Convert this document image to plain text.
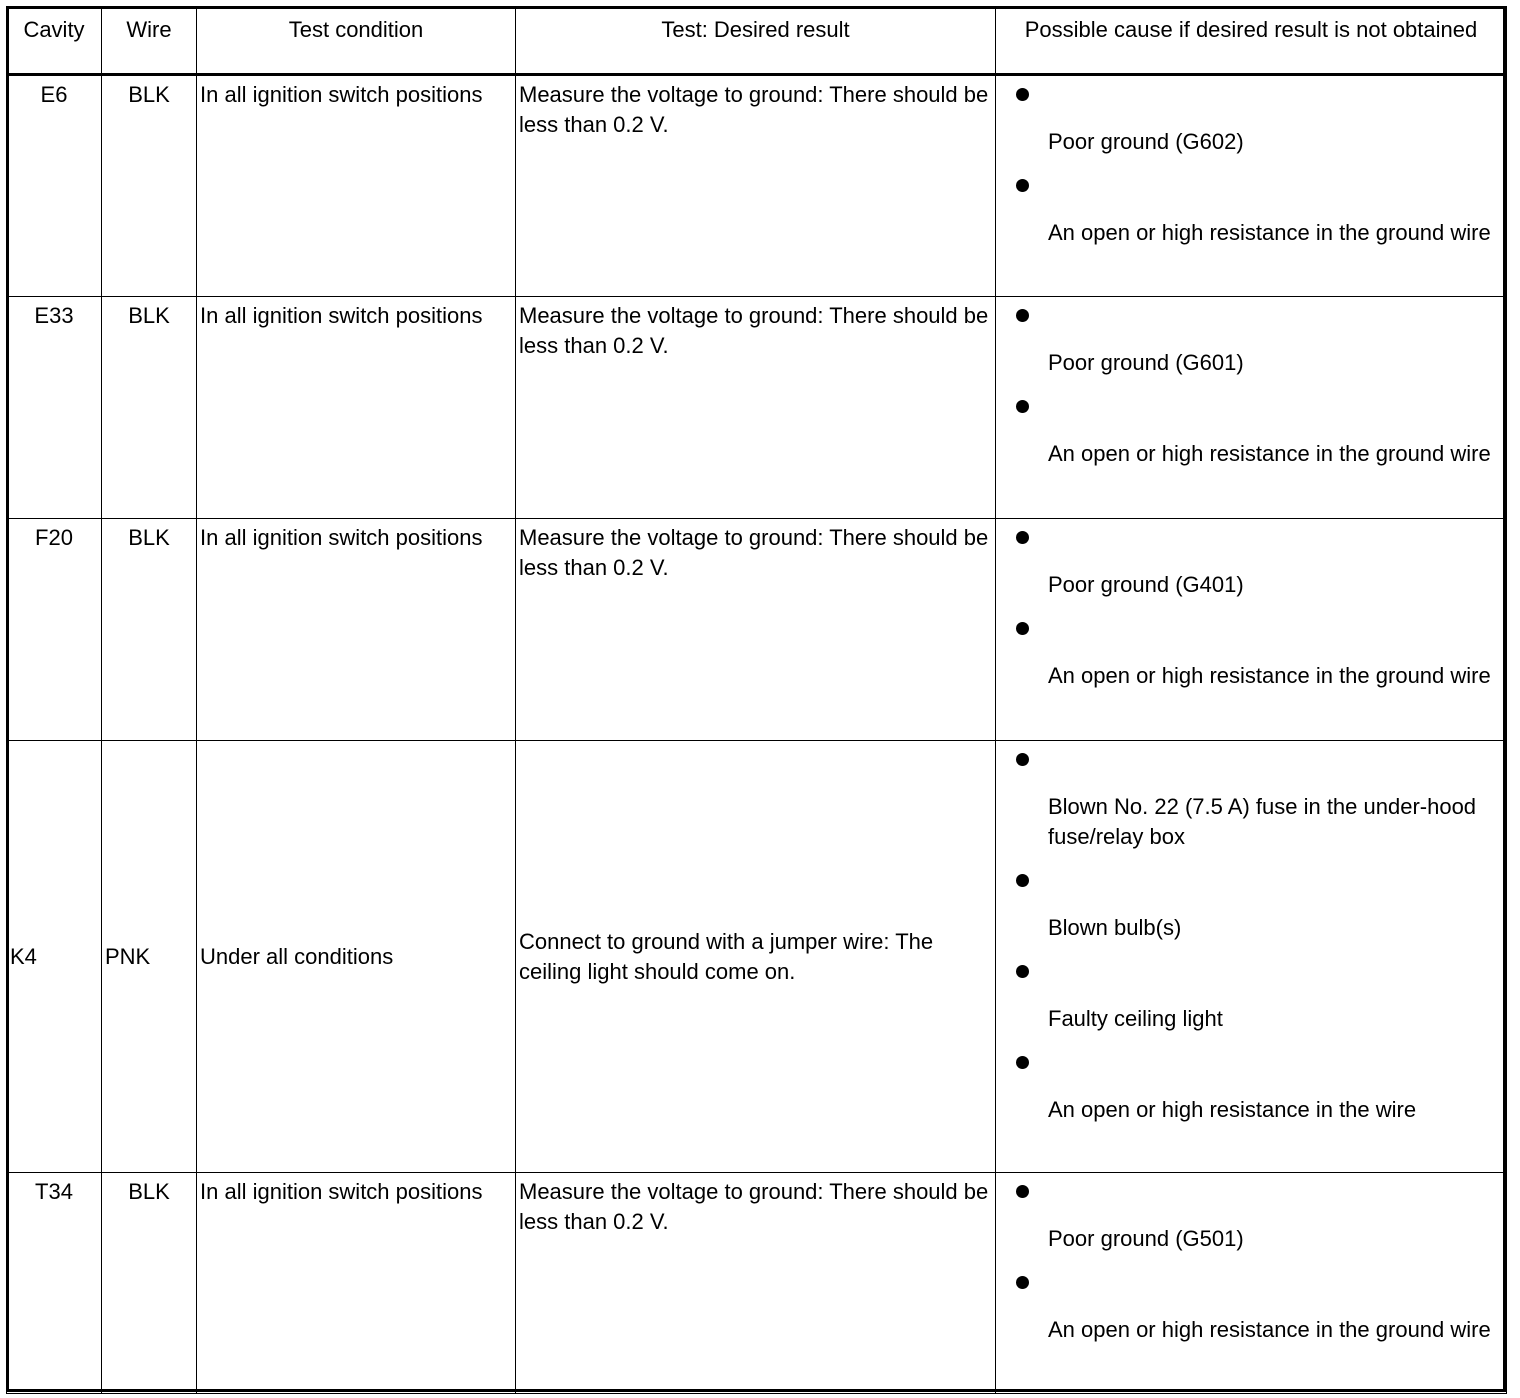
Cavity	Wire	Test condition	Test: Desired result	Possible cause if desired result is not obtained
E6	BLK	In all ignition switch positions	Measure the voltage to ground: There should be less than 0.2 V.	Poor ground (G602)
An open or high resistance in the ground wire

E33	BLK	In all ignition switch positions	Measure the voltage to ground: There should be less than 0.2 V.	Poor ground (G601)
An open or high resistance in the ground wire

F20	BLK	In all ignition switch positions	Measure the voltage to ground: There should be less than 0.2 V.	Poor ground (G401)
An open or high resistance in the ground wire

K4	PNK	Under all conditions	Connect to ground with a jumper wire: The ceiling light should come on.	Blown No. 22 (7.5 A) fuse in the under-hood fuse/relay box
Blown bulb(s)
Faulty ceiling light
An open or high resistance in the wire

T34	BLK	In all ignition switch positions	Measure the voltage to ground: There should be less than 0.2 V.	Poor ground (G501)
An open or high resistance in the ground wire
